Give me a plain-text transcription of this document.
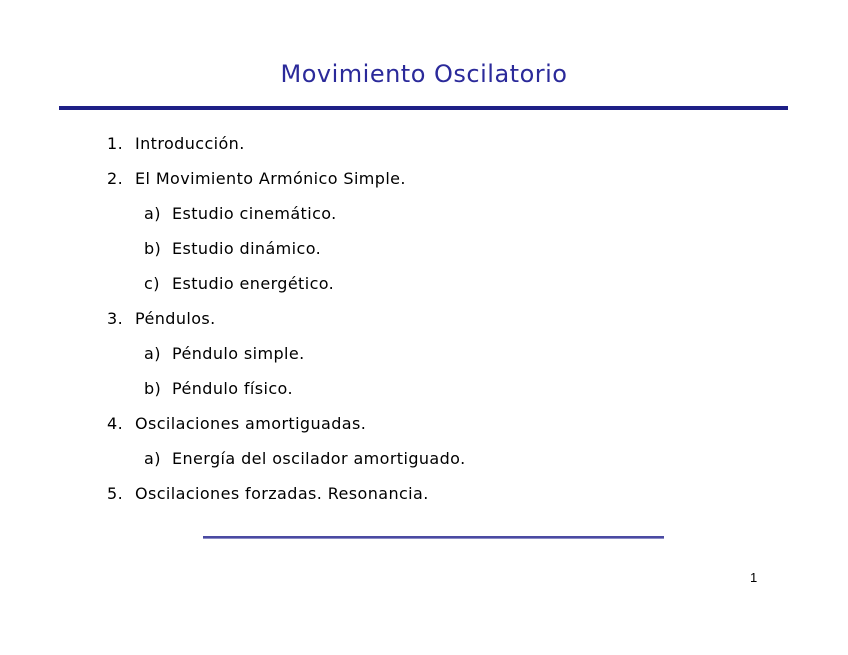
Movimiento Oscilatorio
1. Introducción.
2. El Movimiento Armónico Simple.
a) Estudio cinemático.
b) Estudio dinámico.
c) Estudio energético.
3. Péndulos.
a) Péndulo simple.
b) Péndulo físico.
4. Oscilaciones amortiguadas.
a) Energía del oscilador amortiguado.
5. Oscilaciones forzadas. Resonancia.
1
